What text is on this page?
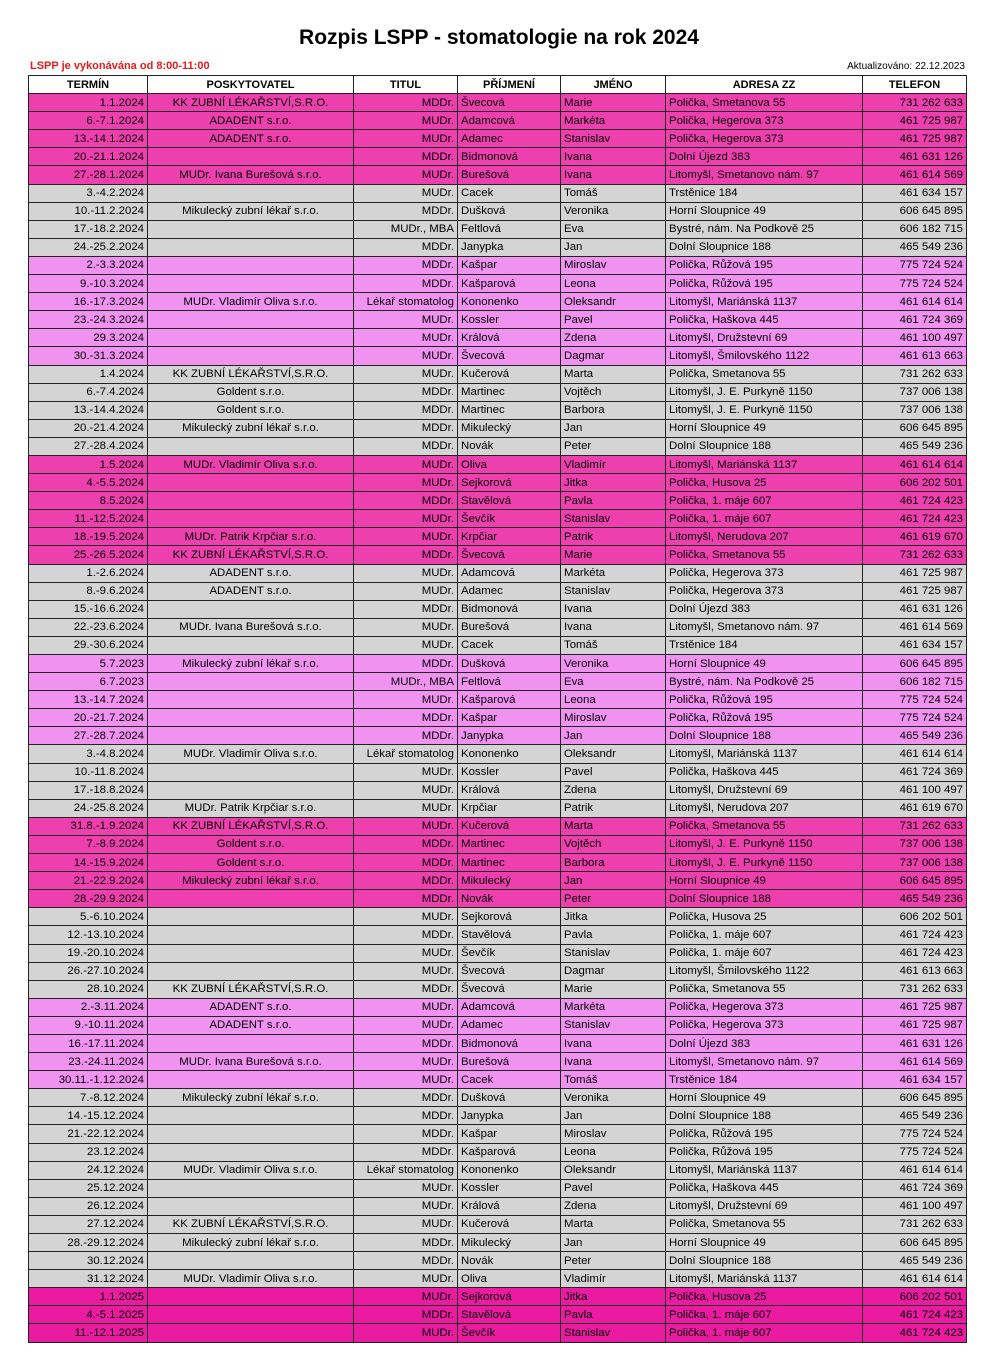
Rozpis LSPP - stomatologie na rok 2024
LSPP je vykonávána od 8:00-11:00	Aktualizováno: 22.12.2023
TERMÍN	POSKYTOVATEL	TITUL	PŘÍJMENÍ	JMÉNO	ADRESA ZZ	TELEFON
1.1.2024	KK ZUBNÍ LÉKAŘSTVÍ,S.R.O.	MDDr.	Švecová	Marie	Polička, Smetanova 55	731 262 633
6.-7.1.2024	ADADENT s.r.o.	MUDr.	Adamcová	Markéta	Polička, Hegerova 373	461 725 987
13.-14.1.2024	ADADENT s.r.o.	MUDr.	Adamec	Stanislav	Polička, Hegerova 373	461 725 987
20.-21.1.2024		MDDr.	Bidmonová	Ivana	Dolní Újezd 383	461 631 126
27.-28.1.2024	MUDr. Ivana Burešová s.r.o.	MUDr.	Burešová	Ivana	Litomyšl, Smetanovo nám. 97	461 614 569
3.-4.2.2024		MUDr.	Cacek	Tomáš	Trstěnice 184	461 634 157
10.-11.2.2024	Mikulecký zubní lékař s.r.o.	MDDr.	Dušková	Veronika	Horní Sloupnice 49	606 645 895
17.-18.2.2024		MUDr., MBA	Feltlová	Eva	Bystré, nám. Na Podkově 25	606 182 715
24.-25.2.2024		MDDr.	Janypka	Jan	Dolní Sloupnice 188	465 549 236
2.-3.3.2024		MDDr.	Kašpar	Miroslav	Polička, Růžová 195	775 724 524
9.-10.3.2024		MDDr.	Kašparová	Leona	Polička, Růžová 195	775 724 524
16.-17.3.2024	MUDr. Vladimír Oliva s.r.o.	Lékař stomatolog	Kononenko	Oleksandr	Litomyšl, Mariánská 1137	461 614 614
23.-24.3.2024		MUDr.	Kossler	Pavel	Polička, Haškova 445	461 724 369
29.3.2024		MUDr.	Králová	Zdena	Litomyšl, Družstevní 69	461 100 497
30.-31.3.2024		MUDr.	Švecová	Dagmar	Litomyšl, Šmilovského 1122	461 613 663
1.4.2024	KK ZUBNÍ LÉKAŘSTVÍ,S.R.O.	MUDr.	Kučerová	Marta	Polička, Smetanova 55	731 262 633
6.-7.4.2024	Goldent s.r.o.	MDDr.	Martinec	Vojtěch	Litomyšl, J. E. Purkyně 1150	737 006 138
13.-14.4.2024	Goldent s.r.o.	MDDr.	Martinec	Barbora	Litomyšl, J. E. Purkyně 1150	737 006 138
20.-21.4.2024	Mikulecký zubní lékař s.r.o.	MDDr.	Mikulecký	Jan	Horní Sloupnice 49	606 645 895
27.-28.4.2024		MDDr.	Novák	Peter	Dolní Sloupnice 188	465 549 236
1.5.2024	MUDr. Vladimír Oliva s.r.o.	MUDr.	Oliva	Vladimír	Litomyšl, Mariánská 1137	461 614 614
4.-5.5.2024		MUDr.	Sejkorová	Jitka	Polička, Husova 25	606 202 501
8.5.2024		MDDr.	Stavělová	Pavla	Polička, 1. máje 607	461 724 423
11.-12.5.2024		MUDr.	Ševčík	Stanislav	Polička, 1. máje 607	461 724 423
18.-19.5.2024	MUDr. Patrik Krpčiar s.r.o.	MUDr.	Krpčiar	Patrik	Litomyšl, Nerudova 207	461 619 670
25.-26.5.2024	KK ZUBNÍ LÉKAŘSTVÍ,S.R.O.	MDDr.	Švecová	Marie	Polička, Smetanova 55	731 262 633
1.-2.6.2024	ADADENT s.r.o.	MUDr.	Adamcová	Markéta	Polička, Hegerova 373	461 725 987
8.-9.6.2024	ADADENT s.r.o.	MUDr.	Adamec	Stanislav	Polička, Hegerova 373	461 725 987
15.-16.6.2024		MDDr.	Bidmonová	Ivana	Dolní Újezd 383	461 631 126
22.-23.6.2024	MUDr. Ivana Burešová s.r.o.	MUDr.	Burešová	Ivana	Litomyšl, Smetanovo nám. 97	461 614 569
29.-30.6.2024		MUDr.	Cacek	Tomáš	Trstěnice 184	461 634 157
5.7.2023	Mikulecký zubní lékař s.r.o.	MDDr.	Dušková	Veronika	Horní Sloupnice 49	606 645 895
6.7.2023		MUDr., MBA	Feltlová	Eva	Bystré, nám. Na Podkově 25	606 182 715
13.-14.7.2024		MUDr.	Kašparová	Leona	Polička, Růžová 195	775 724 524
20.-21.7.2024		MDDr.	Kašpar	Miroslav	Polička, Růžová 195	775 724 524
27.-28.7.2024		MDDr.	Janypka	Jan	Dolní Sloupnice 188	465 549 236
3.-4.8.2024	MUDr. Vladimír Oliva s.r.o.	Lékař stomatolog	Kononenko	Oleksandr	Litomyšl, Mariánská 1137	461 614 614
10.-11.8.2024		MUDr.	Kossler	Pavel	Polička, Haškova 445	461 724 369
17.-18.8.2024		MUDr.	Králová	Zdena	Litomyšl, Družstevní 69	461 100 497
24.-25.8.2024	MUDr. Patrik Krpčiar s.r.o.	MUDr.	Krpčiar	Patrik	Litomyšl, Nerudova 207	461 619 670
31.8.-1.9.2024	KK ZUBNÍ LÉKAŘSTVÍ,S.R.O.	MUDr.	Kučerová	Marta	Polička, Smetanova 55	731 262 633
7.-8.9.2024	Goldent s.r.o.	MDDr.	Martinec	Vojtěch	Litomyšl, J. E. Purkyně 1150	737 006 138
14.-15.9.2024	Goldent s.r.o.	MDDr.	Martinec	Barbora	Litomyšl, J. E. Purkyně 1150	737 006 138
21.-22.9.2024	Mikulecký zubní lékař s.r.o.	MDDr.	Mikulecký	Jan	Horní Sloupnice 49	606 645 895
28.-29.9.2024		MDDr.	Novák	Peter	Dolní Sloupnice 188	465 549 236
5.-6.10.2024		MUDr.	Sejkorová	Jitka	Polička, Husova 25	606 202 501
12.-13.10.2024		MDDr.	Stavělová	Pavla	Polička, 1. máje 607	461 724 423
19.-20.10.2024		MUDr.	Ševčík	Stanislav	Polička, 1. máje 607	461 724 423
26.-27.10.2024		MUDr.	Švecová	Dagmar	Litomyšl, Šmilovského 1122	461 613 663
28.10.2024	KK ZUBNÍ LÉKAŘSTVÍ,S.R.O.	MDDr.	Švecová	Marie	Polička, Smetanova 55	731 262 633
2.-3.11.2024	ADADENT s.r.o.	MUDr.	Adamcová	Markéta	Polička, Hegerova 373	461 725 987
9.-10.11.2024	ADADENT s.r.o.	MUDr.	Adamec	Stanislav	Polička, Hegerova 373	461 725 987
16.-17.11.2024		MDDr.	Bidmonová	Ivana	Dolní Újezd 383	461 631 126
23.-24.11.2024	MUDr. Ivana Burešová s.r.o.	MUDr.	Burešová	Ivana	Litomyšl, Smetanovo nám. 97	461 614 569
30.11.-1.12.2024		MUDr.	Cacek	Tomáš	Trstěnice 184	461 634 157
7.-8.12.2024	Mikulecký zubní lékař s.r.o.	MDDr.	Dušková	Veronika	Horní Sloupnice 49	606 645 895
14.-15.12.2024		MDDr.	Janypka	Jan	Dolní Sloupnice 188	465 549 236
21.-22.12.2024		MDDr.	Kašpar	Miroslav	Polička, Růžová 195	775 724 524
23.12.2024		MDDr.	Kašparová	Leona	Polička, Růžová 195	775 724 524
24.12.2024	MUDr. Vladimír Oliva s.r.o.	Lékař stomatolog	Kononenko	Oleksandr	Litomyšl, Mariánská 1137	461 614 614
25.12.2024		MUDr.	Kossler	Pavel	Polička, Haškova 445	461 724 369
26.12.2024		MUDr.	Králová	Zdena	Litomyšl, Družstevní 69	461 100 497
27.12.2024	KK ZUBNÍ LÉKAŘSTVÍ,S.R.O.	MUDr.	Kučerová	Marta	Polička, Smetanova 55	731 262 633
28.-29.12.2024	Mikulecký zubní lékař s.r.o.	MDDr.	Mikulecký	Jan	Horní Sloupnice 49	606 645 895
30.12.2024		MDDr.	Novák	Peter	Dolní Sloupnice 188	465 549 236
31.12.2024	MUDr. Vladimír Oliva s.r.o.	MUDr.	Oliva	Vladimír	Litomyšl, Mariánská 1137	461 614 614
1.1.2025		MUDr.	Sejkorová	Jitka	Polička, Husova 25	606 202 501
4.-5.1.2025		MDDr.	Stavělová	Pavla	Polička, 1. máje 607	461 724 423
11.-12.1.2025		MUDr.	Ševčík	Stanislav	Polička, 1. máje 607	461 724 423
